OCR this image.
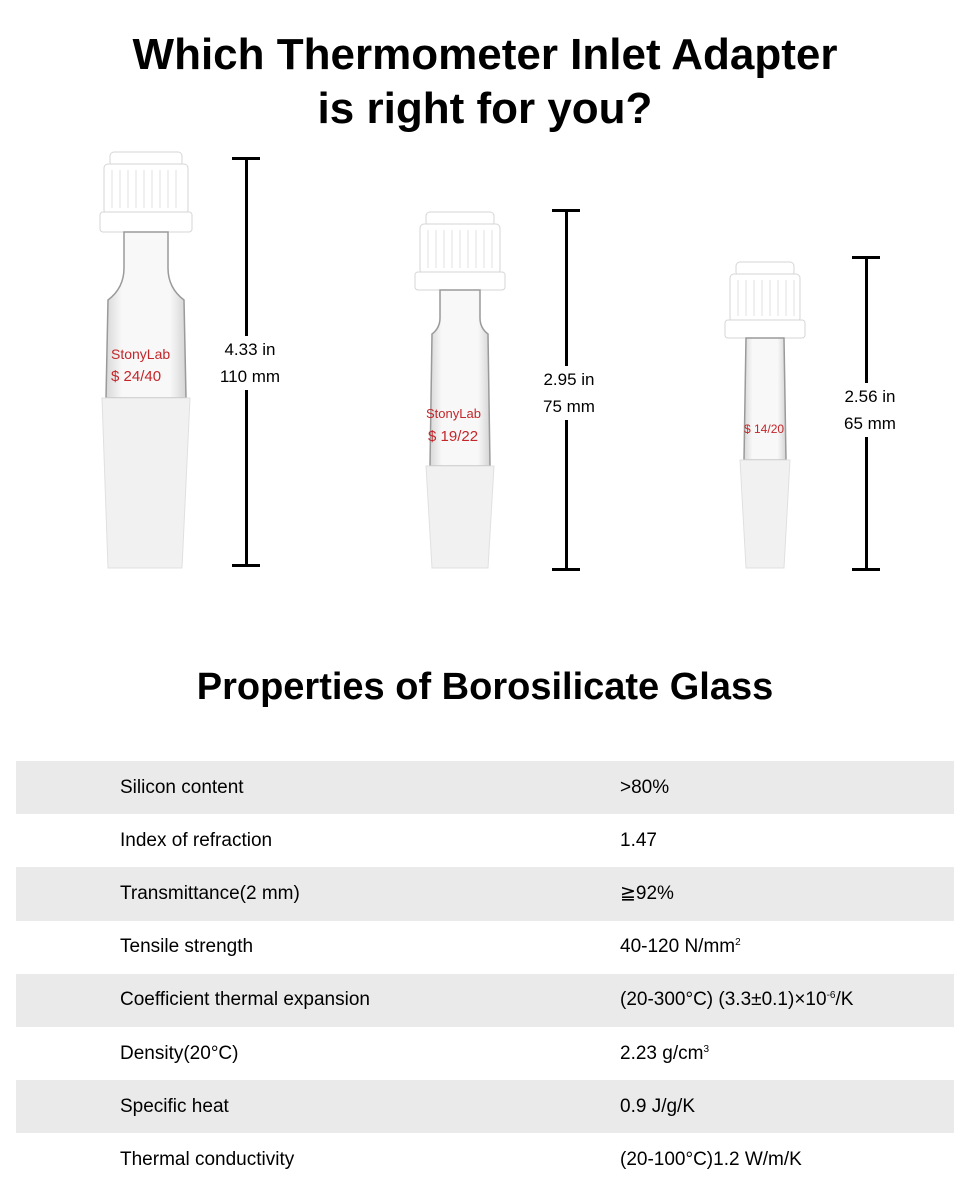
Which Thermometer Inlet Adapter
is right for you?
StonyLab
$ 24/40
4.33 in
110 mm
StonyLab
$ 19/22
2.95 in
75 mm
$ 14/20
2.56 in
65 mm
Properties of Borosilicate Glass
Silicon content	>80%
Index of refraction	1.47
Transmittance(2 mm)	≧92%
Tensile strength	40-120 $N/mm^2$
Coefficient thermal expansion	(20-300°C) $(3.3\pm 0.1)\times 10^{-6}/K$
Density(20°C)	2.23 $g/cm^3$
Specific heat	0.9 J/g/K
Thermal conductivity	(20-100°C)1.2 W/m/K
